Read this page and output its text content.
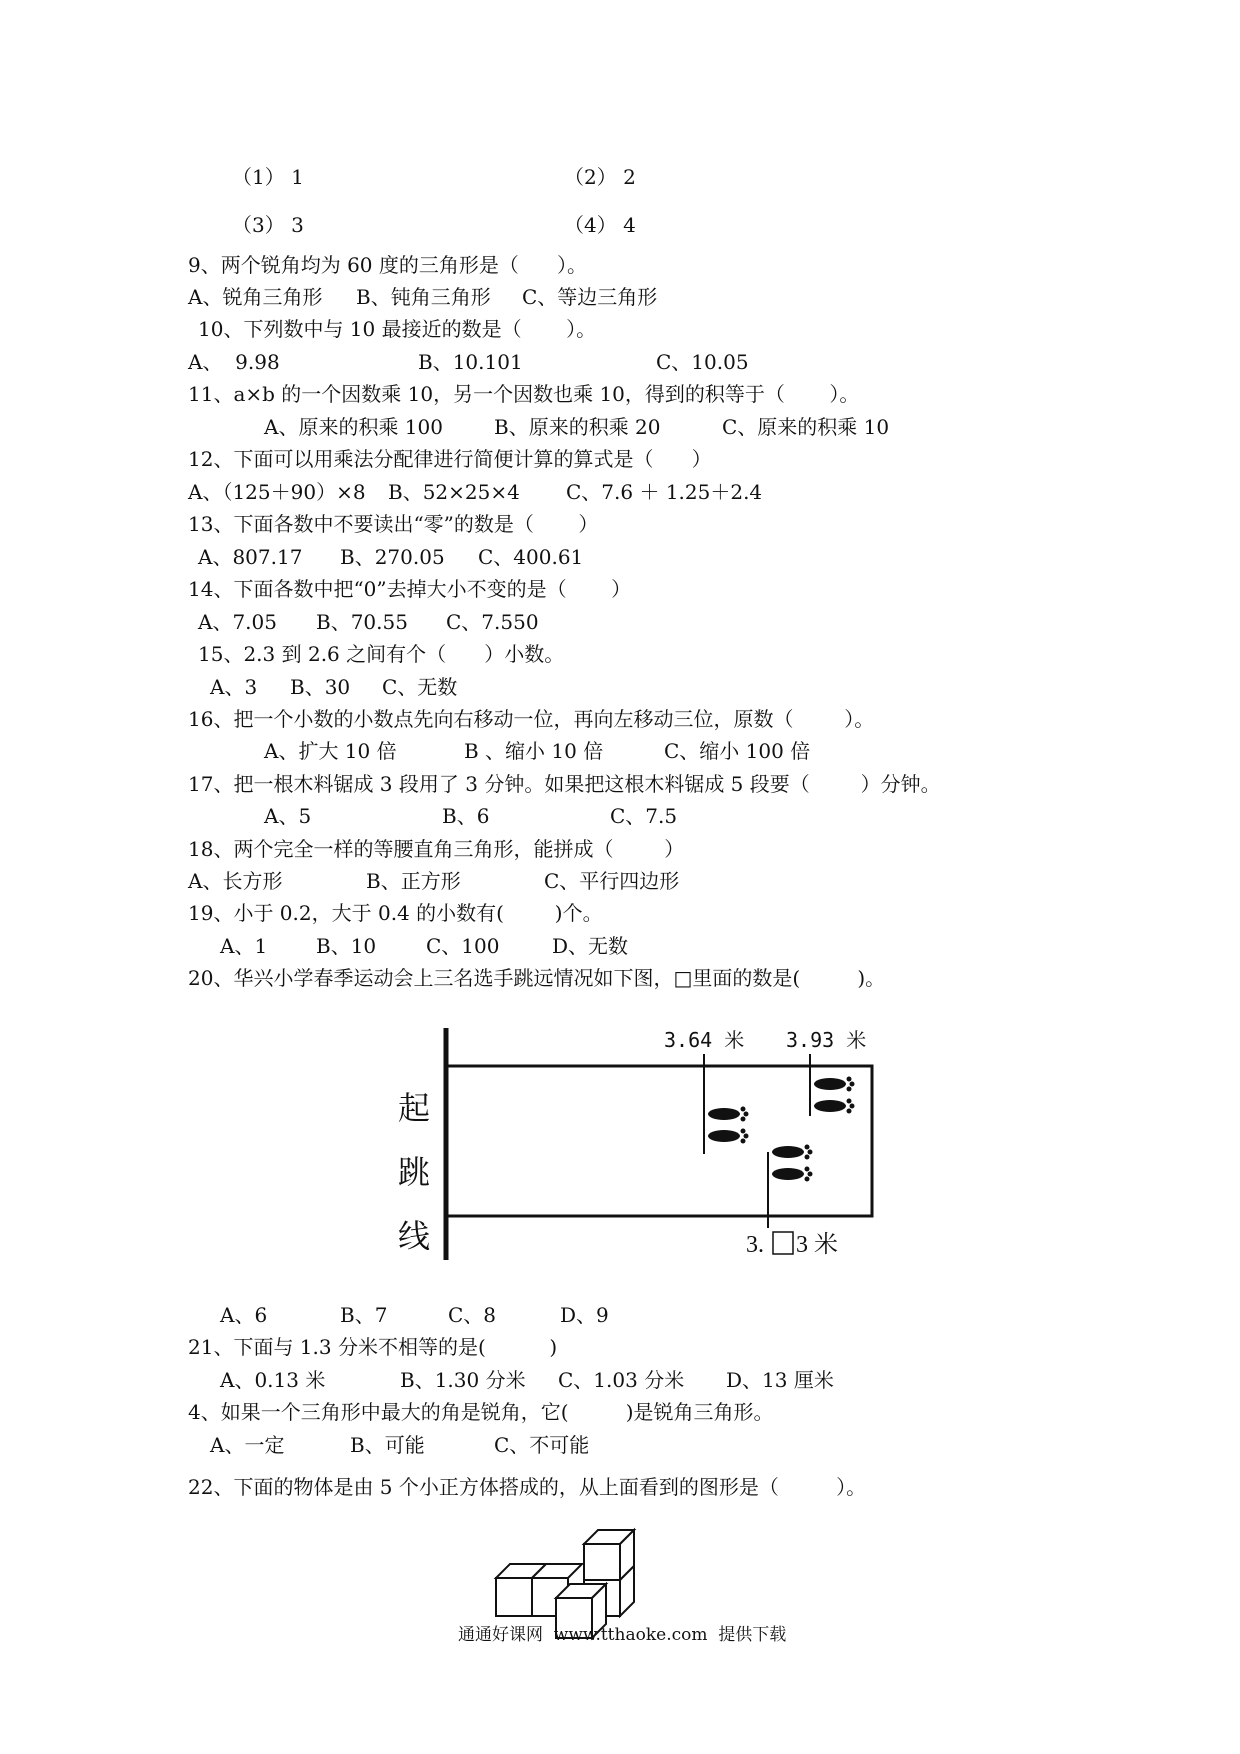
（1） 1	（2） 2
（3） 3	（4） 4
9、两个锐角均为 60 度的三角形是（      ）。
A、锐角三角形 B、钝角三角形 C、等边三角形
10、下列数中与 10 最接近的数是（       ）。
A、  9.98	B、10.101	C、10.05
11、a×b 的一个因数乘 10，另一个因数也乘 10，得到的积等于（       ）。
A、原来的积乘 100	B、原来的积乘 20	C、原来的积乘 10
12、下面可以用乘法分配律进行简便计算的算式是（      ）
A、（125＋90）×8 B、52×25×4 C、7.6 ＋ 1.25＋2.4
13、下面各数中不要读出“零”的数是（       ）
A、807.17 B、270.05 C、400.61
14、下面各数中把“0”去掉大小不变的是（       ）
A、7.05 B、70.55 C、7.550
15、2.3 到 2.6 之间有个（      ）小数。
A、3 B、30 C、无数
16、把一个小数的小数点先向右移动一位，再向左移动三位，原数（        ）。
A、扩大 10 倍	B 、缩小 10 倍	C、缩小 100 倍
17、把一根木料锯成 3 段用了 3 分钟。如果把这根木料锯成 5 段要（        ）分钟。
A、5	B、6	C、7.5
18、两个完全一样的等腰直角三角形，能拼成（        ）
A、长方形	B、正方形	C、平行四边形
19、小于 0.2，大于 0.4 的小数有(        )个。
A、1 B、10 C、100	D、无数
20、华兴小学春季运动会上三名选手跳远情况如下图，□里面的数是(         )。
起
跳
线
3.64 米 3.93 米
3. 3 米
A、6	B、7	C、8	D、9
21、下面与 1.3 分米不相等的是(          )
A、0.13 米	B、1.30 分米 C、1.03 分米 D、13 厘米
4、如果一个三角形中最大的角是锐角，它(         )是锐角三角形。
A、一定	B、可能	C、不可能
22、下面的物体是由 5 个小正方体搭成的，从上面看到的图形是（         ）。
通通好课网  www.tthaoke.com  提供下载
